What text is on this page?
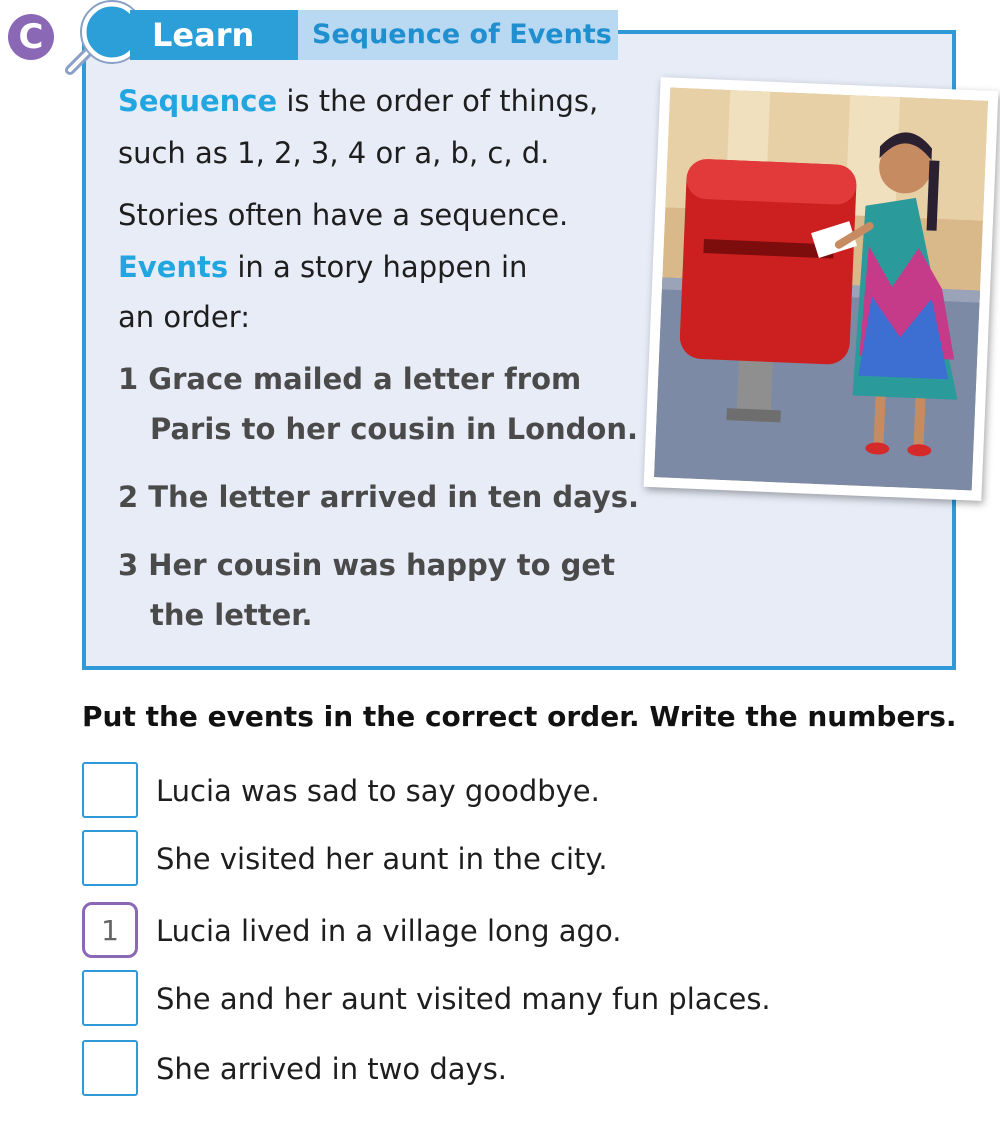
C	Learn	Sequence of Events
Sequence is the order of things,
such as 1, 2, 3, 4 or a, b, c, d.
Stories often have a sequence.
Events in a story happen in
an order:
1 Grace mailed a letter from
Paris to her cousin in London.
2 The letter arrived in ten days.
3 Her cousin was happy to get
the letter.
Put the events in the correct order. Write the numbers.
Lucia was sad to say goodbye.
She visited her aunt in the city.
1	Lucia lived in a village long ago.
She and her aunt visited many fun places.
She arrived in two days.
